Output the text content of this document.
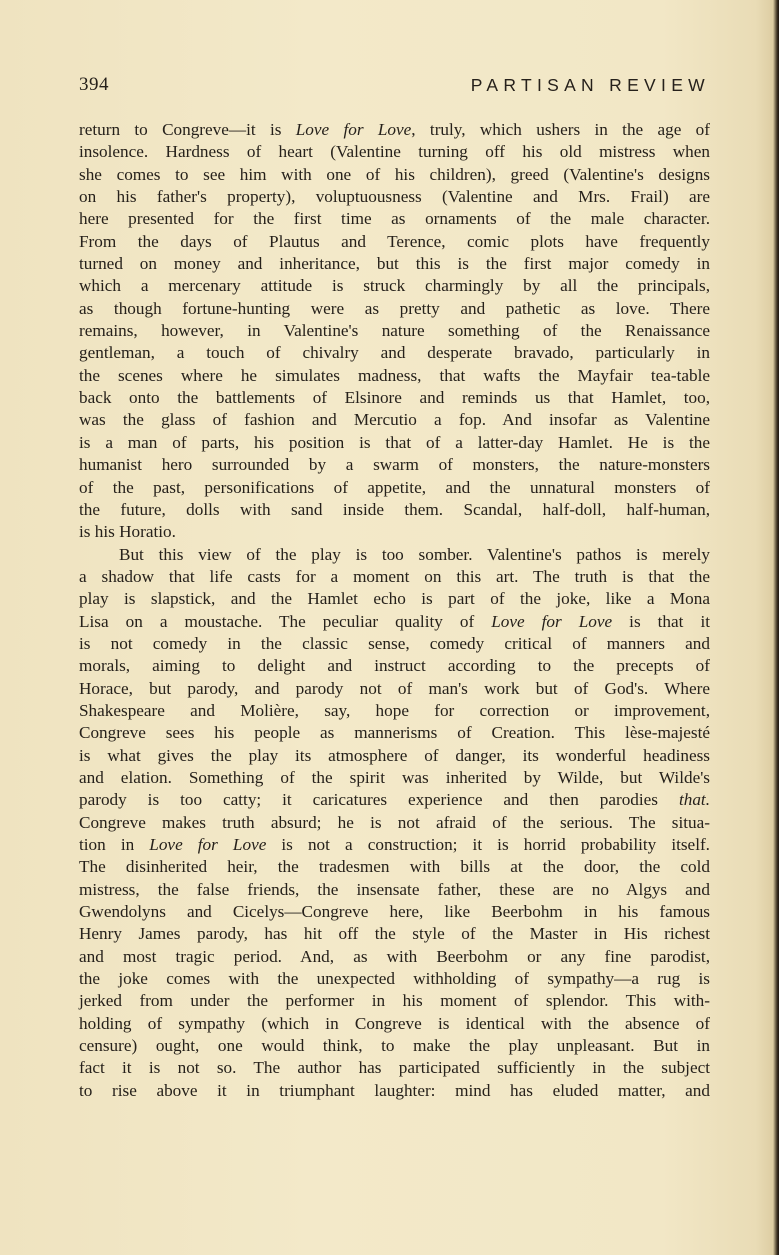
394	PARTISAN REVIEW
return to Congreve—it is Love for Love, truly, which ushers in the age of
insolence. Hardness of heart (Valentine turning off his old mistress when
she comes to see him with one of his children), greed (Valentine's designs
on his father's property), voluptuousness (Valentine and Mrs. Frail) are
here presented for the first time as ornaments of the male character.
From the days of Plautus and Terence, comic plots have frequently
turned on money and inheritance, but this is the first major comedy in
which a mercenary attitude is struck charmingly by all the principals,
as though fortune-hunting were as pretty and pathetic as love. There
remains, however, in Valentine's nature something of the Renaissance
gentleman, a touch of chivalry and desperate bravado, particularly in
the scenes where he simulates madness, that wafts the Mayfair tea-table
back onto the battlements of Elsinore and reminds us that Hamlet, too,
was the glass of fashion and Mercutio a fop. And insofar as Valentine
is a man of parts, his position is that of a latter-day Hamlet. He is the
humanist hero surrounded by a swarm of monsters, the nature-monsters
of the past, personifications of appetite, and the unnatural monsters of
the future, dolls with sand inside them. Scandal, half-doll, half-human,
is his Horatio.
But this view of the play is too somber. Valentine's pathos is merely
a shadow that life casts for a moment on this art. The truth is that the
play is slapstick, and the Hamlet echo is part of the joke, like a Mona
Lisa on a moustache. The peculiar quality of Love for Love is that it
is not comedy in the classic sense, comedy critical of manners and
morals, aiming to delight and instruct according to the precepts of
Horace, but parody, and parody not of man's work but of God's. Where
Shakespeare and Molière, say, hope for correction or improvement,
Congreve sees his people as mannerisms of Creation. This lèse-majesté
is what gives the play its atmosphere of danger, its wonderful headiness
and elation. Something of the spirit was inherited by Wilde, but Wilde's
parody is too catty; it caricatures experience and then parodies that.
Congreve makes truth absurd; he is not afraid of the serious. The situa-
tion in Love for Love is not a construction; it is horrid probability itself.
The disinherited heir, the tradesmen with bills at the door, the cold
mistress, the false friends, the insensate father, these are no Algys and
Gwendolyns and Cicelys—Congreve here, like Beerbohm in his famous
Henry James parody, has hit off the style of the Master in His richest
and most tragic period. And, as with Beerbohm or any fine parodist,
the joke comes with the unexpected withholding of sympathy—a rug is
jerked from under the performer in his moment of splendor. This with-
holding of sympathy (which in Congreve is identical with the absence of
censure) ought, one would think, to make the play unpleasant. But in
fact it is not so. The author has participated sufficiently in the subject
to rise above it in triumphant laughter: mind has eluded matter, and
